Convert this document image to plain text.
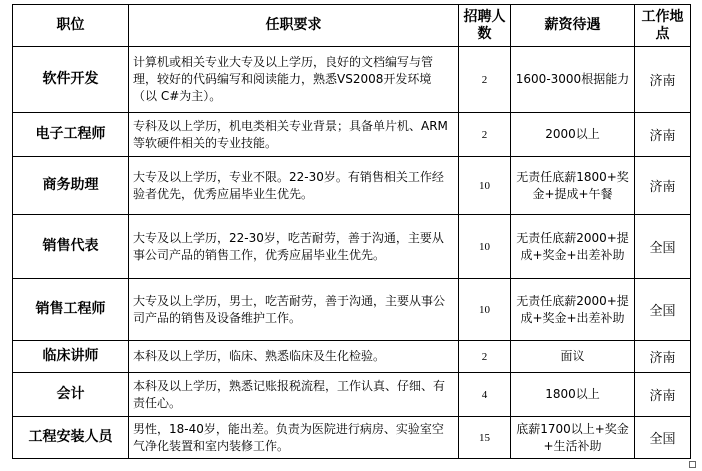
职位	任职要求	招聘人数	薪资待遇	工作地点
软件开发	计算机或相关专业大专及以上学历，良好的文档编写与管理，较好的代码编写和阅读能力，熟悉VS2008开发环境（以 C#为主）。	2	1600-3000根据能力	济南
电子工程师	专科及以上学历，机电类相关专业背景；具备单片机、ARM等软硬件相关的专业技能。	2	2000以上	济南
商务助理	大专及以上学历，专业不限。22-30岁。有销售相关工作经验者优先，优秀应届毕业生优先。	10	无责任底薪1800+奖金+提成+午餐	济南
销售代表	大专及以上学历，22-30岁，吃苦耐劳，善于沟通，主要从事公司产品的销售工作，优秀应届毕业生优先。	10	无责任底薪2000+提成+奖金+出差补助	全国
销售工程师	大专及以上学历，男士，吃苦耐劳，善于沟通，主要从事公司产品的销售及设备维护工作。	10	无责任底薪2000+提成+奖金+出差补助	全国
临床讲师	本科及以上学历，临床、熟悉临床及生化检验。	2	面议	济南
会计	本科及以上学历，熟悉记账报税流程，工作认真、仔细、有责任心。	4	1800以上	济南
工程安装人员	男性，18-40岁，能出差。负责为医院进行病房、实验室空气净化装置和室内装修工作。	15	底薪1700以上+奖金+生活补助	全国
